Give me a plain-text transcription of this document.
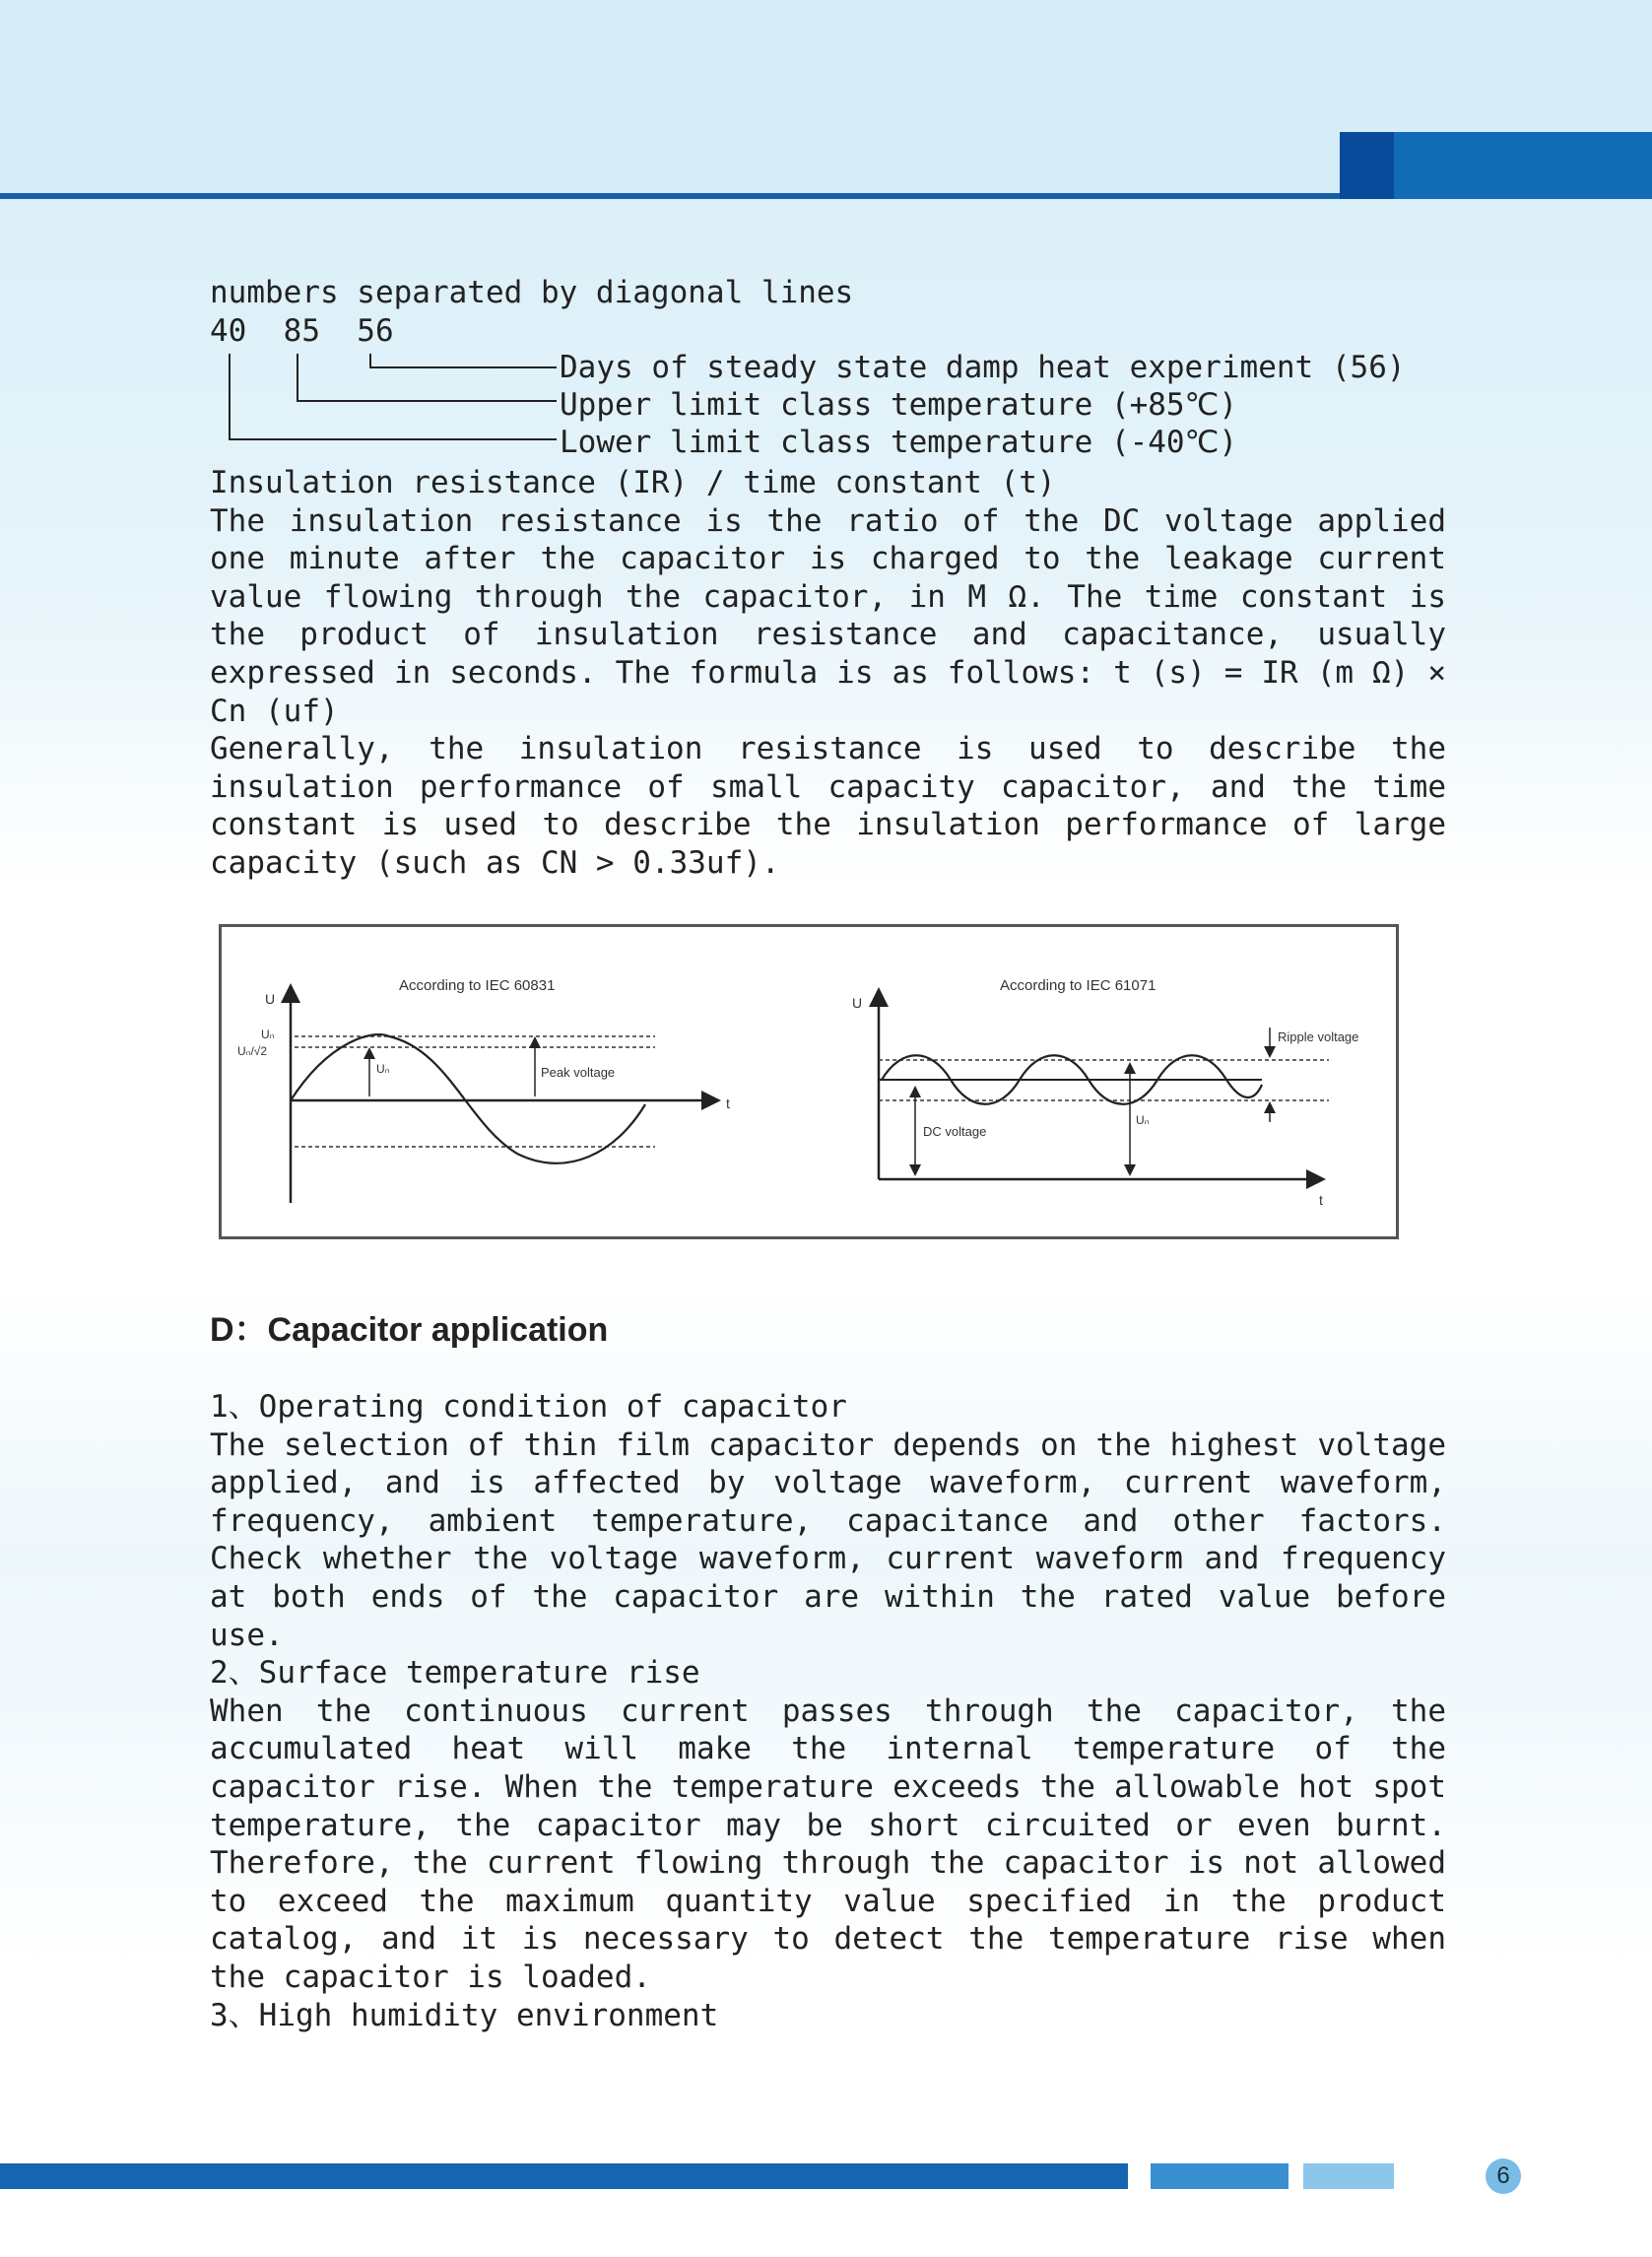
numbers separated by diagonal lines

40  85  56
Days of steady state damp heat experiment (56)
Upper limit class temperature (+85℃)
Lower limit class temperature (-40℃)

Insulation resistance (IR) / time constant (t)

The insulation resistance is the ratio of the DC voltage applied one minute after the capacitor is charged to the leakage current value flowing through the capacitor, in M Ω. The time constant is the product of insulation resistance and capacitance, usually expressed in seconds. The formula is as follows: t (s) = IR (m Ω) × Cn (uf)

Generally, the insulation resistance is used to describe the insulation performance of small capacity capacitor, and the time constant is used to describe the insulation performance of large capacity (such as CN > 0.33uf).

According to IEC 60831
U
t
Uₙ
Uₙ/√2
Uₙ	Peak voltage
According to IEC 61071
U
t
Ripple voltage
DC voltage
Uₙ
D：Capacitor application

1、Operating condition of capacitor

The selection of thin film capacitor depends on the highest voltage applied, and is affected by voltage waveform, current waveform, frequency, ambient temperature, capacitance and other factors. Check whether the voltage waveform, current waveform and frequency at both ends of the capacitor are within the rated value before use.

2、Surface temperature rise

When the continuous current passes through the capacitor, the accumulated heat will make the internal temperature of the capacitor rise. When the temperature exceeds the allowable hot spot temperature, the capacitor may be short circuited or even burnt. Therefore, the current flowing through the capacitor is not allowed to exceed the maximum quantity value specified in the product catalog, and it is necessary to detect the temperature rise when the capacitor is loaded.

3、High humidity environment

6
